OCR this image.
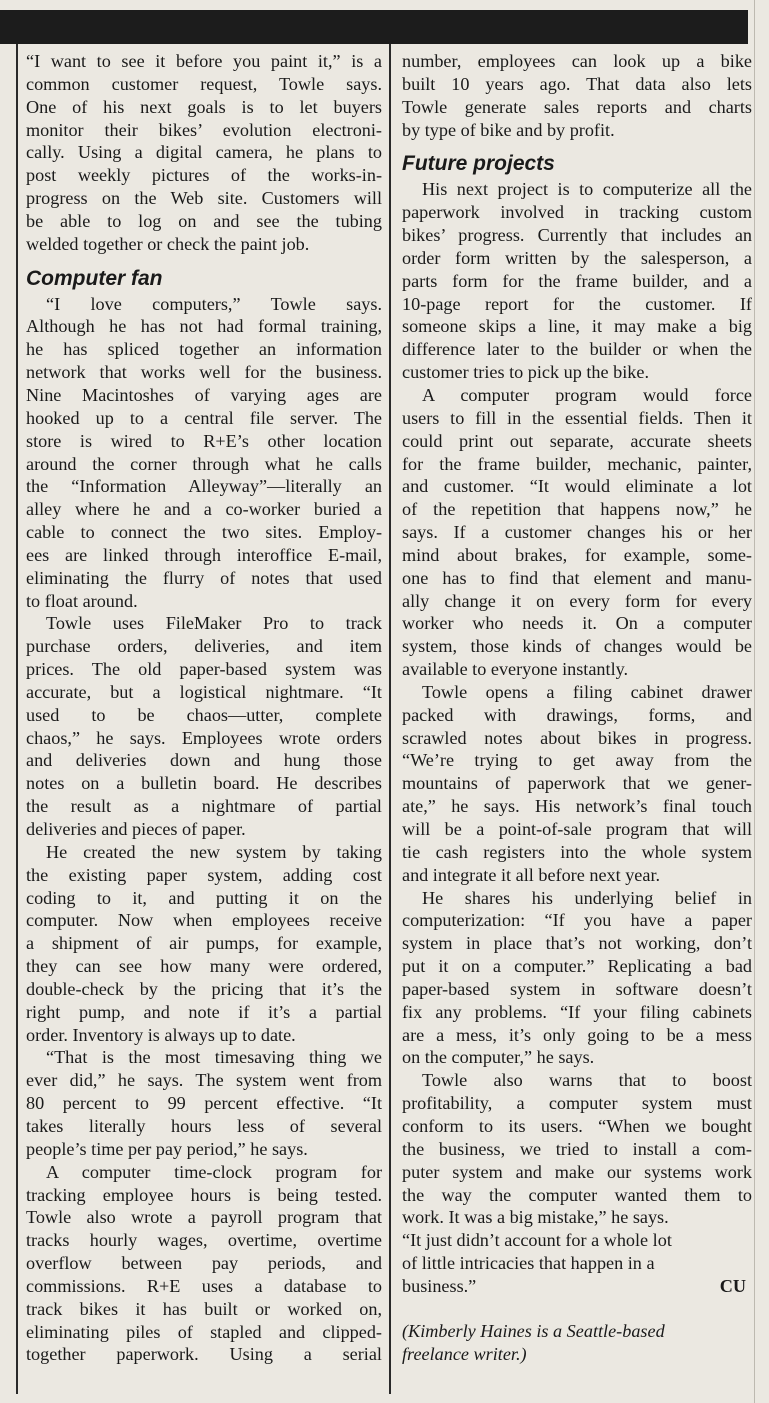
“I want to see it before you paint it,” is a
common customer request, Towle says.
One of his next goals is to let buyers
monitor their bikes’ evolution electroni-
cally. Using a digital camera, he plans to
post weekly pictures of the works-in-
progress on the Web site. Customers will
be able to log on and see the tubing
welded together or check the paint job.
Computer fan
“I love computers,” Towle says.
Although he has not had formal training,
he has spliced together an information
network that works well for the business.
Nine Macintoshes of varying ages are
hooked up to a central file server. The
store is wired to R+E’s other location
around the corner through what he calls
the “Information Alleyway”—literally an
alley where he and a co-worker buried a
cable to connect the two sites. Employ-
ees are linked through interoffice E-mail,
eliminating the flurry of notes that used
to float around.
Towle uses FileMaker Pro to track
purchase orders, deliveries, and item
prices. The old paper-based system was
accurate, but a logistical nightmare. “It
used to be chaos—utter, complete
chaos,” he says. Employees wrote orders
and deliveries down and hung those
notes on a bulletin board. He describes
the result as a nightmare of partial
deliveries and pieces of paper.
He created the new system by taking
the existing paper system, adding cost
coding to it, and putting it on the
computer. Now when employees receive
a shipment of air pumps, for example,
they can see how many were ordered,
double-check by the pricing that it’s the
right pump, and note if it’s a partial
order. Inventory is always up to date.
“That is the most timesaving thing we
ever did,” he says. The system went from
80 percent to 99 percent effective. “It
takes literally hours less of several
people’s time per pay period,” he says.
A computer time-clock program for
tracking employee hours is being tested.
Towle also wrote a payroll program that
tracks hourly wages, overtime, overtime
overflow between pay periods, and
commissions. R+E uses a database to
track bikes it has built or worked on,
eliminating piles of stapled and clipped-
together paperwork. Using a serial
number, employees can look up a bike
built 10 years ago. That data also lets
Towle generate sales reports and charts
by type of bike and by profit.
Future projects
His next project is to computerize all the
paperwork involved in tracking custom
bikes’ progress. Currently that includes an
order form written by the salesperson, a
parts form for the frame builder, and a
10-page report for the customer. If
someone skips a line, it may make a big
difference later to the builder or when the
customer tries to pick up the bike.
A computer program would force
users to fill in the essential fields. Then it
could print out separate, accurate sheets
for the frame builder, mechanic, painter,
and customer. “It would eliminate a lot
of the repetition that happens now,” he
says. If a customer changes his or her
mind about brakes, for example, some-
one has to find that element and manu-
ally change it on every form for every
worker who needs it. On a computer
system, those kinds of changes would be
available to everyone instantly.
Towle opens a filing cabinet drawer
packed with drawings, forms, and
scrawled notes about bikes in progress.
“We’re trying to get away from the
mountains of paperwork that we gener-
ate,” he says. His network’s final touch
will be a point-of-sale program that will
tie cash registers into the whole system
and integrate it all before next year.
He shares his underlying belief in
computerization: “If you have a paper
system in place that’s not working, don’t
put it on a computer.” Replicating a bad
paper-based system in software doesn’t
fix any problems. “If your filing cabinets
are a mess, it’s only going to be a mess
on the computer,” he says.
Towle also warns that to boost
profitability, a computer system must
conform to its users. “When we bought
the business, we tried to install a com-
puter system and make our systems work
the way the computer wanted them to
work. It was a big mistake,” he says.
“It just didn’t account for a whole lot
of little intricacies that happen in a
business.”	CU
(Kimberly Haines is a Seattle-based
freelance writer.)
